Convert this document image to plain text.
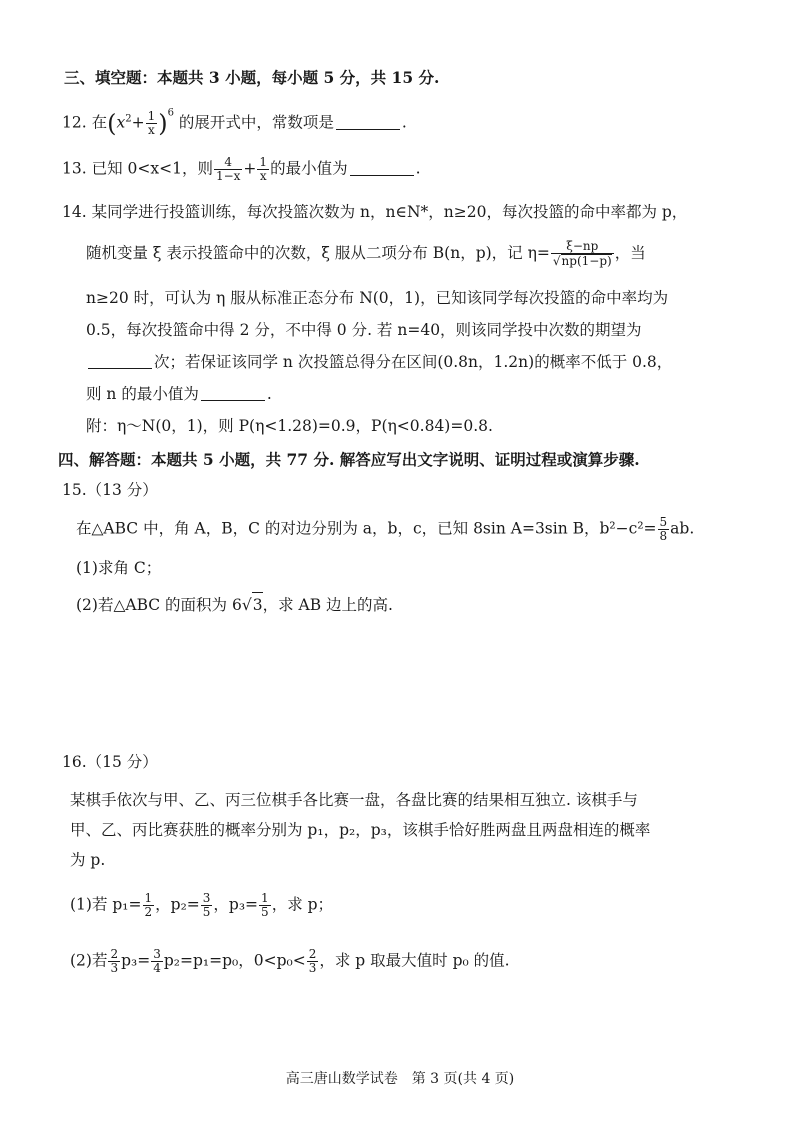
三、填空题：本题共 3 小题，每小题 5 分，共 15 分.
12. 在$(x^2+ \frac{1}{x} )^6$ 的展开式中，常数项是	.
13. 已知 0<x<1，则 $\frac{4}{1-x} + \frac{1}{x}$ 的最小值为	.
14. 某同学进行投篮训练，每次投篮次数为 n，n∈N*，n≥20，每次投篮的命中率都为 p，
随机变量 ξ 表示投篮命中的次数，ξ 服从二项分布 B(n，p)，记 $\eta= \frac{\xi-np}{√np(1-p)}$ ，当
n≥20 时，可认为 η 服从标准正态分布 N(0，1)，已知该同学每次投篮的命中率均为
0.5，每次投篮命中得 2 分，不中得 0 分. 若 n=40，则该同学投中次数的期望为
次；若保证该同学 n 次投篮总得分在区间(0.8n，1.2n)的概率不低于 0.8，
则 n 的最小值为	.
附：η～N(0，1)，则 P(η<1.28)=0.9，P(η<0.84)=0.8.
四、解答题：本题共 5 小题，共 77 分. 解答应写出文字说明、证明过程或演算步骤.
15.（13 分）
在△ABC 中，角 A，B，C 的对边分别为 a，b，c，已知 8sin A=3sin B，$b^2-c^2= \frac{5}{8}$ ab.
(1)求角 C；
(2)若△ABC 的面积为 6√3，求 AB 边上的高.
16.（15 分）
某棋手依次与甲、乙、丙三位棋手各比赛一盘，各盘比赛的结果相互独立. 该棋手与
甲、乙、丙比赛获胜的概率分别为 p₁，p₂，p₃，该棋手恰好胜两盘且两盘相连的概率
为 p.
(1)若 $p_1= \frac{1}{2}$ ，$p_2= \frac{3}{5}$ ，$p_3= \frac{1}{5}$ ，求 p；
(2)若 $\frac{2}{3} p_3= \frac{3}{4} p_2=p_1=p_0$，$0<p_0< \frac{2}{3}$ ，求 p 取最大值时 p₀ 的值.
高三唐山数学试卷　第 3 页(共 4 页)
